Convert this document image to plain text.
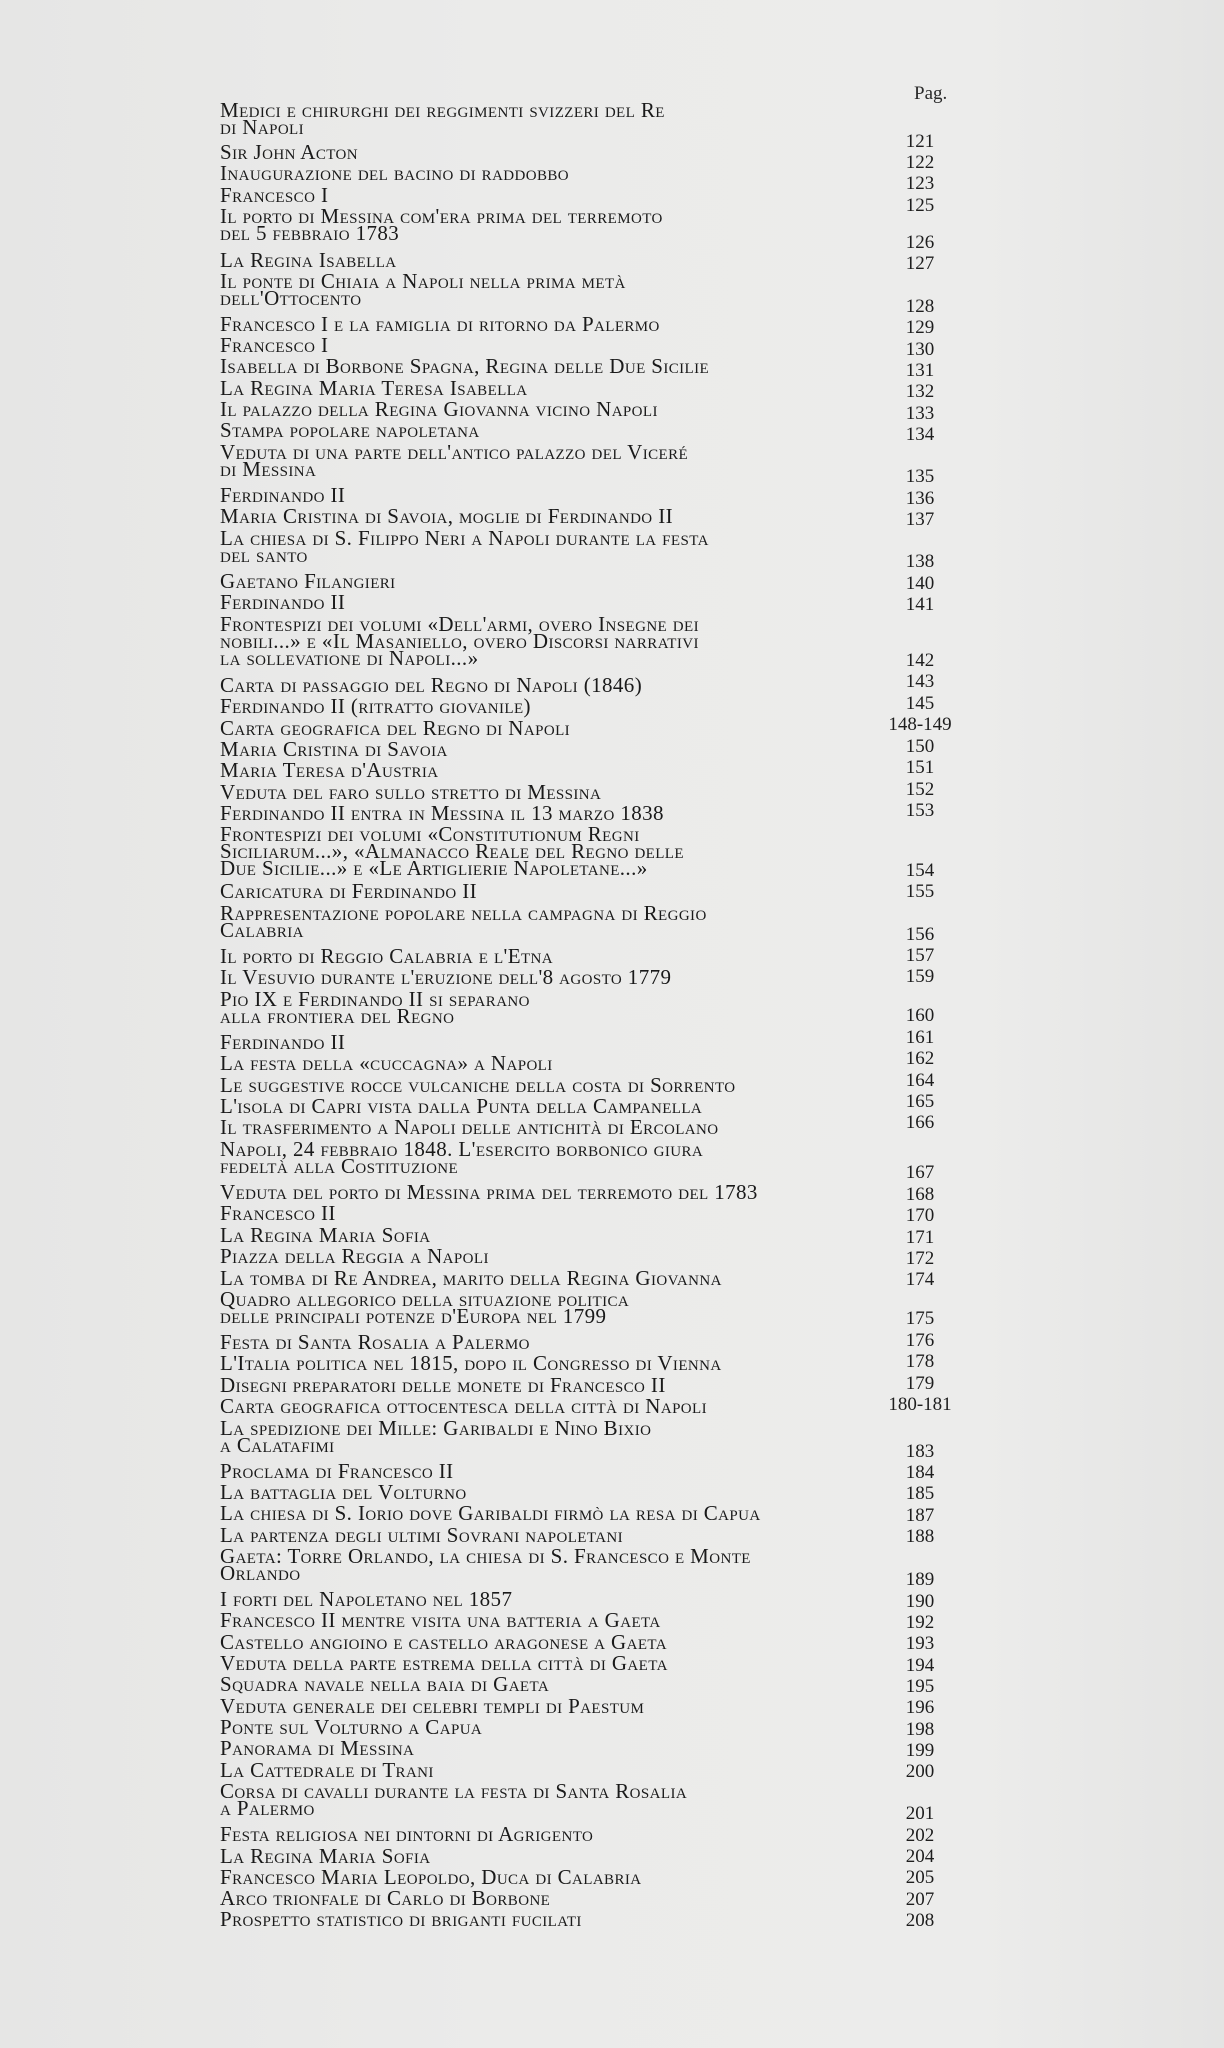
Pag.
Medici e chirurghi dei reggimenti svizzeri del Re
di Napoli
121
Sir John Acton	122
Inaugurazione del bacino di raddobbo	123
Francesco I	125
Il porto di Messina com'era prima del terremoto
del 5 febbraio 1783	126
La Regina Isabella	127
Il ponte di Chiaia a Napoli nella prima metà
dell'Ottocento	128
Francesco I e la famiglia di ritorno da Palermo	129
Francesco I	130
Isabella di Borbone Spagna, Regina delle Due Sicilie	131
La Regina Maria Teresa Isabella	132
Il palazzo della Regina Giovanna vicino Napoli	133
Stampa popolare napoletana	134
Veduta di una parte dell'antico palazzo del Viceré
di Messina	135
Ferdinando II	136
Maria Cristina di Savoia, moglie di Ferdinando II	137
La chiesa di S. Filippo Neri a Napoli durante la festa
del santo	138
Gaetano Filangieri	140
Ferdinando II	141
Frontespizi dei volumi «Dell'armi, overo Insegne dei
nobili...» e «Il Masaniello, overo Discorsi narrativi
la sollevatione di Napoli...»	142
Carta di passaggio del Regno di Napoli (1846)	143
Ferdinando II (ritratto giovanile)	145
Carta geografica del Regno di Napoli	148-149
Maria Cristina di Savoia	150
Maria Teresa d'Austria	151
Veduta del faro sullo stretto di Messina	152
Ferdinando II entra in Messina il 13 marzo 1838	153
Frontespizi dei volumi «Constitutionum Regni
Siciliarum...», «Almanacco Reale del Regno delle
Due Sicilie...» e «Le Artiglierie Napoletane...»	154
Caricatura di Ferdinando II	155
Rappresentazione popolare nella campagna di Reggio
Calabria	156
Il porto di Reggio Calabria e l'Etna	157
Il Vesuvio durante l'eruzione dell'8 agosto 1779	159
Pio IX e Ferdinando II si separano
alla frontiera del Regno	160
Ferdinando II	161
La festa della «cuccagna» a Napoli	162
Le suggestive rocce vulcaniche della costa di Sorrento	164
L'isola di Capri vista dalla Punta della Campanella	165
Il trasferimento a Napoli delle antichità di Ercolano	166
Napoli, 24 febbraio 1848. L'esercito borbonico giura
fedeltà alla Costituzione	167
Veduta del porto di Messina prima del terremoto del 1783	168
Francesco II	170
La Regina Maria Sofia	171
Piazza della Reggia a Napoli	172
La tomba di Re Andrea, marito della Regina Giovanna	174
Quadro allegorico della situazione politica
delle principali potenze d'Europa nel 1799	175
Festa di Santa Rosalia a Palermo	176
L'Italia politica nel 1815, dopo il Congresso di Vienna	178
Disegni preparatori delle monete di Francesco II	179
Carta geografica ottocentesca della città di Napoli	180-181
La spedizione dei Mille: Garibaldi e Nino Bixio
a Calatafimi	183
Proclama di Francesco II	184
La battaglia del Volturno	185
La chiesa di S. Iorio dove Garibaldi firmò la resa di Capua	187
La partenza degli ultimi Sovrani napoletani	188
Gaeta: Torre Orlando, la chiesa di S. Francesco e Monte
Orlando	189
I forti del Napoletano nel 1857	190
Francesco II mentre visita una batteria a Gaeta	192
Castello angioino e castello aragonese a Gaeta	193
Veduta della parte estrema della città di Gaeta	194
Squadra navale nella baia di Gaeta	195
Veduta generale dei celebri templi di Paestum	196
Ponte sul Volturno a Capua	198
Panorama di Messina	199
La Cattedrale di Trani	200
Corsa di cavalli durante la festa di Santa Rosalia
a Palermo	201
Festa religiosa nei dintorni di Agrigento	202
La Regina Maria Sofia	204
Francesco Maria Leopoldo, Duca di Calabria	205
Arco trionfale di Carlo di Borbone	207
Prospetto statistico di briganti fucilati	208
